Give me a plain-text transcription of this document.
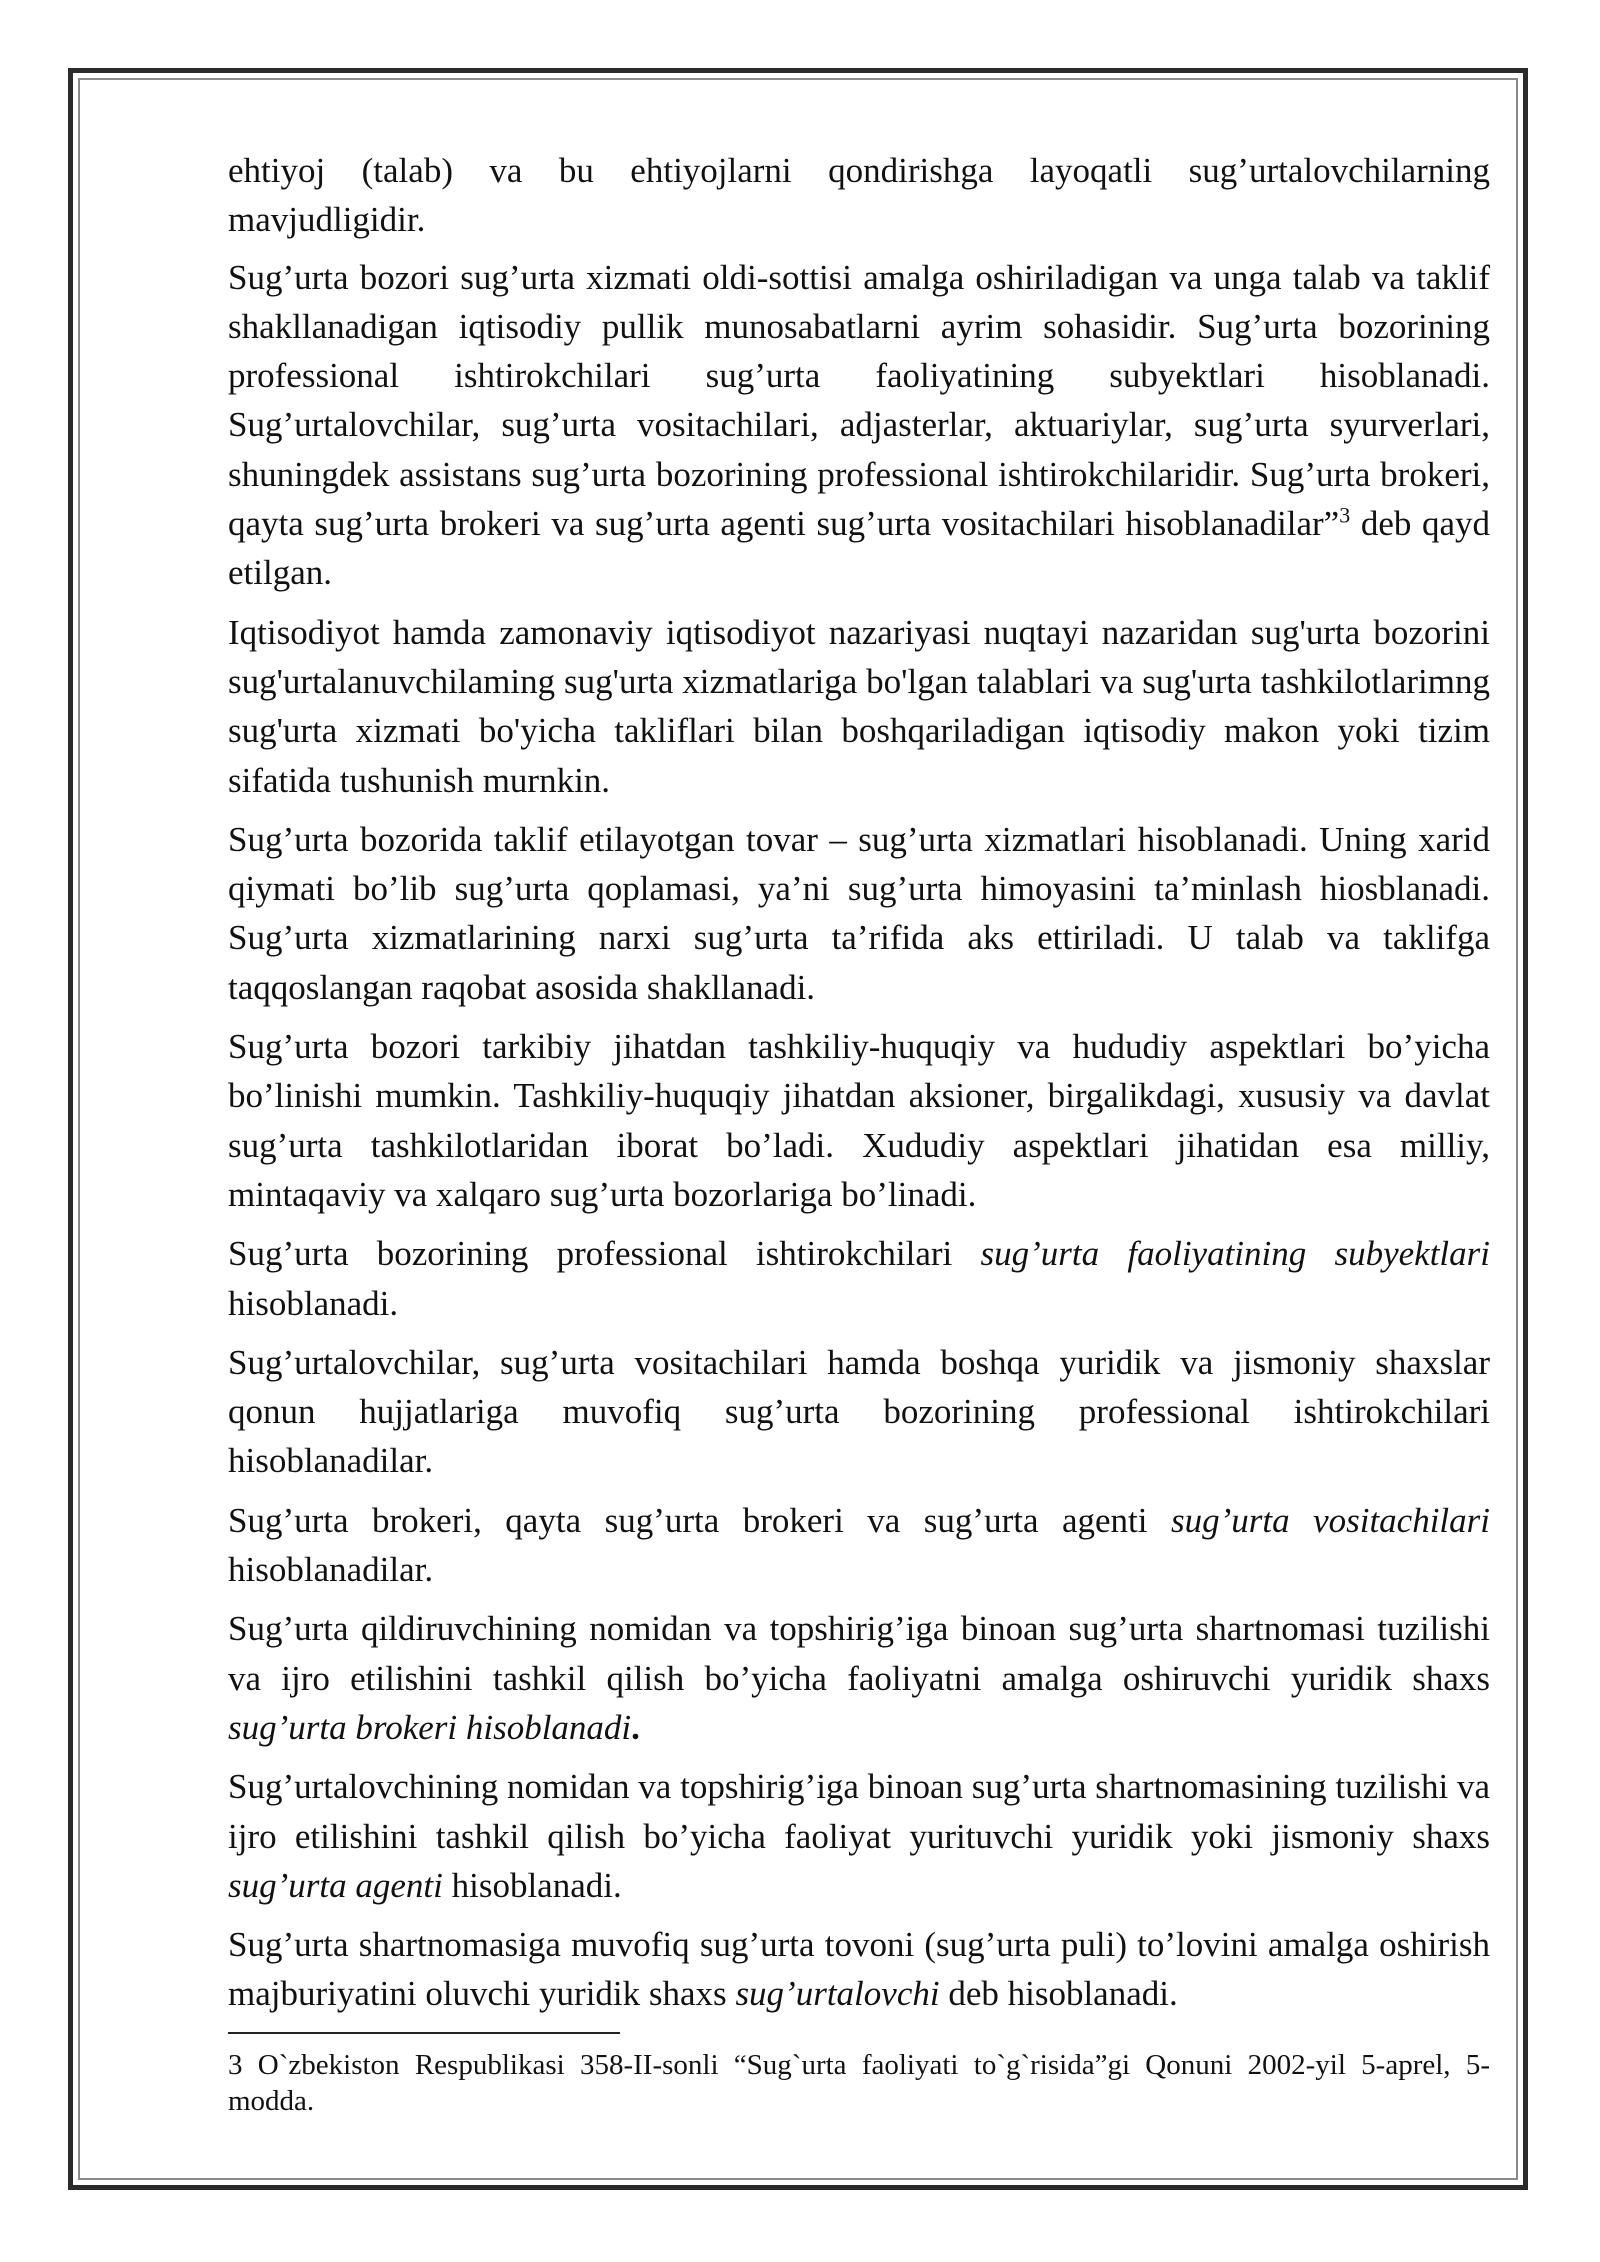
ehtiyoj (talab) va bu ehtiyojlarni qondirishga layoqatli sug’urtalovchilarning mavjudligidir.

Sug’urta bozori sug’urta xizmati oldi-sottisi amalga oshiriladigan va unga talab va taklif shakllanadigan iqtisodiy pullik munosabatlarni ayrim sohasidir. Sug’urta bozorining professional ishtirokchilari sug’urta faoliyatining subyektlari hisoblanadi. Sug’urtalovchilar, sug’urta vositachilari, adjasterlar, aktuariylar, sug’urta syurverlari, shuningdek assistans sug’urta bozorining professional ishtirokchilaridir. Sug’urta brokeri, qayta sug’urta brokeri va sug’urta agenti sug’urta vositachilari hisoblanadilar”$^3$ deb qayd etilgan.

Iqtisodiyot hamda zamonaviy iqtisodiyot nazariyasi nuqtayi nazaridan sug'urta bozorini sug'urtalanuvchilaming sug'urta xizmatlariga bo'lgan talablari va sug'urta tashkilotlarimng sug'urta xizmati bo'yicha takliflari bilan boshqariladigan iqtisodiy makon yoki tizim sifatida tushunish murnkin.

Sug’urta bozorida taklif etilayotgan tovar – sug’urta xizmatlari hisoblanadi. Uning xarid qiymati bo’lib sug’urta qoplamasi, ya’ni sug’urta himoyasini ta’minlash hiosblanadi. Sug’urta xizmatlarining narxi sug’urta ta’rifida aks ettiriladi. U talab va taklifga taqqoslangan raqobat asosida shakllanadi.

Sug’urta bozori tarkibiy jihatdan tashkiliy-huquqiy va hududiy aspektlari bo’yicha bo’linishi mumkin. Tashkiliy-huquqiy jihatdan aksioner, birgalikdagi, xususiy va davlat sug’urta tashkilotlaridan iborat bo’ladi. Xududiy aspektlari jihatidan esa milliy, mintaqaviy va xalqaro sug’urta bozorlariga bo’linadi.

Sug’urta bozorining professional ishtirokchilari sug’urta faoliyatining subyektlari hisoblanadi.

Sug’urtalovchilar, sug’urta vositachilari hamda boshqa yuridik va jismoniy shaxslar qonun hujjatlariga muvofiq sug’urta bozorining professional ishtirokchilari hisoblanadilar.

Sug’urta brokeri, qayta sug’urta brokeri va sug’urta agenti sug’urta vositachilari hisoblanadilar.

Sug’urta qildiruvchining nomidan va topshirig’iga binoan sug’urta shartnomasi tuzilishi va ijro etilishini tashkil qilish bo’yicha faoliyatni amalga oshiruvchi yuridik shaxs sug’urta brokeri hisoblanadi.

Sug’urtalovchining nomidan va topshirig’iga binoan sug’urta shartnomasining tuzilishi va ijro etilishini tashkil qilish bo’yicha faoliyat yurituvchi yuridik yoki jismoniy shaxs sug’urta agenti hisoblanadi.

Sug’urta shartnomasiga muvofiq sug’urta tovoni (sug’urta puli) to’lovini amalga oshirish majburiyatini oluvchi yuridik shaxs sug’urtalovchi deb hisoblanadi.

3 O`zbekiston Respublikasi 358-II-sonli “Sug`urta faoliyati to`g`risida”gi Qonuni 2002-yil 5-aprel, 5-modda.
